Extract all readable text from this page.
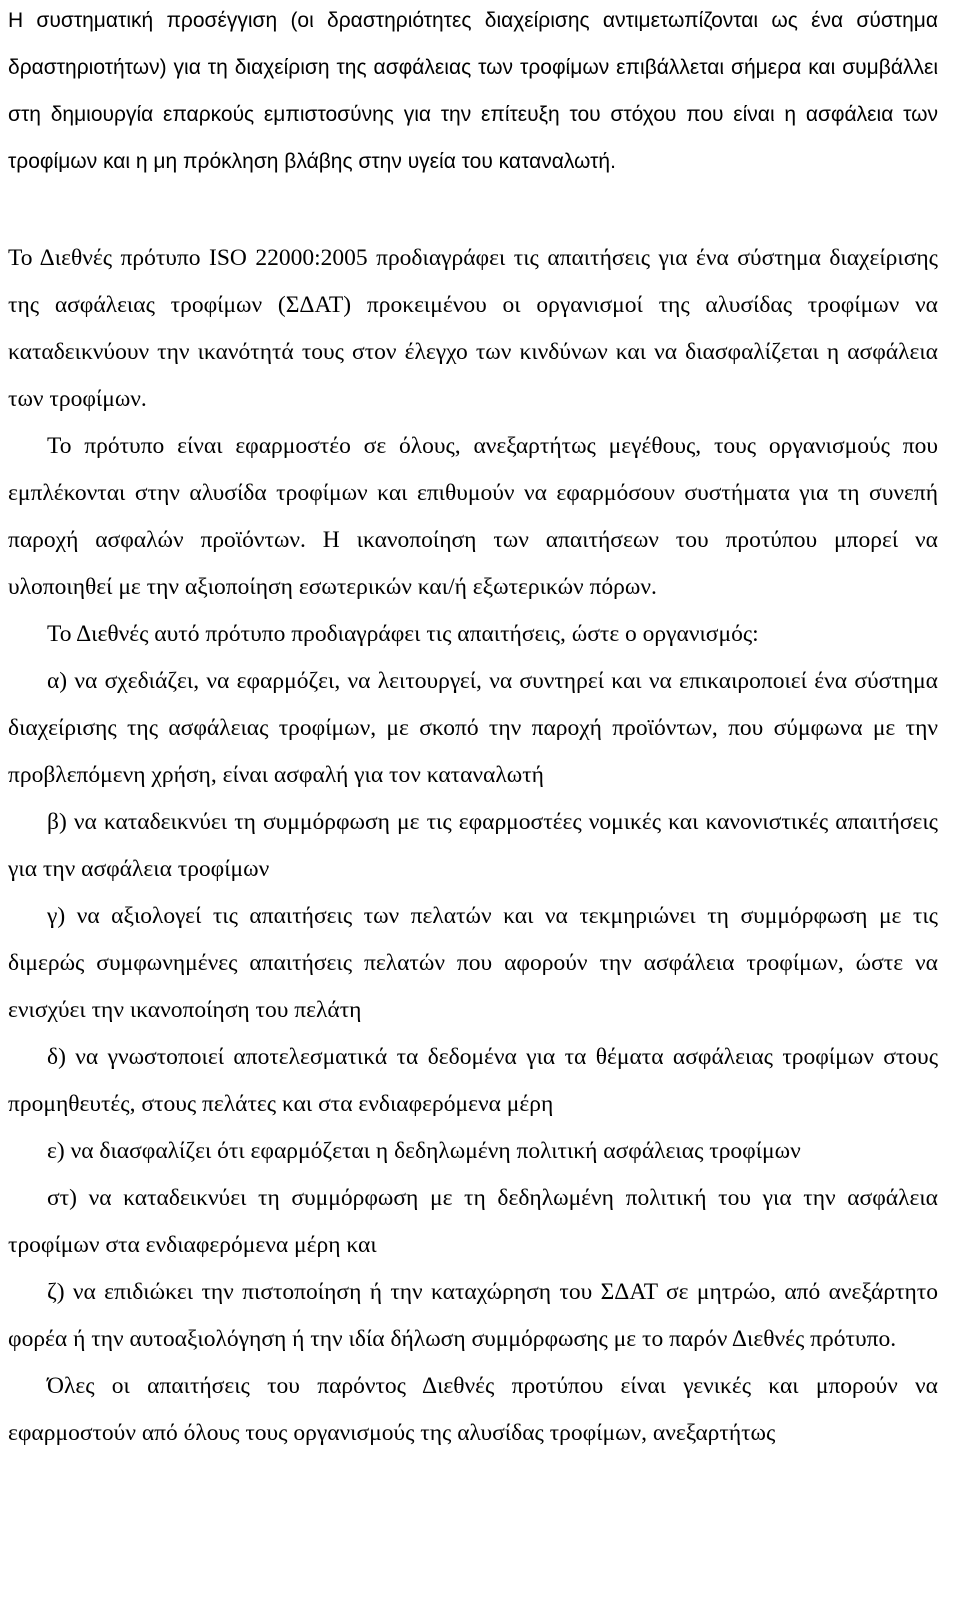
Η συστηματική προσέγγιση (οι δραστηριότητες διαχείρισης αντιμετωπίζονται ως ένα σύστημα δραστηριοτήτων) για τη διαχείριση της ασφάλειας των τροφίμων επιβάλλεται σήμερα και συμβάλλει στη δημιουργία επαρκούς εμπιστοσύνης για την επίτευξη του στόχου που είναι η ασφάλεια των τροφίμων και η μη πρόκληση βλάβης στην υγεία του καταναλωτή.

Το Διεθνές πρότυπο ISO 22000:2005 προδιαγράφει τις απαιτήσεις για ένα σύστημα διαχείρισης της ασφάλειας τροφίμων (ΣΔΑΤ) προκειμένου οι οργανισμοί της αλυσίδας τροφίμων να καταδεικνύουν την ικανότητά τους στον έλεγχο των κινδύνων και να διασφαλίζεται η ασφάλεια των τροφίμων.

Το πρότυπο είναι εφαρμοστέο σε όλους, ανεξαρτήτως μεγέθους, τους οργανισμούς που εμπλέκονται στην αλυσίδα τροφίμων και επιθυμούν να εφαρμόσουν συστήματα για τη συνεπή παροχή ασφαλών προϊόντων. Η ικανοποίηση των απαιτήσεων του προτύπου μπορεί να υλοποιηθεί με την αξιοποίηση εσωτερικών και/ή εξωτερικών πόρων.

Το Διεθνές αυτό πρότυπο προδιαγράφει τις απαιτήσεις, ώστε ο οργανισμός:

α) να σχεδιάζει, να εφαρμόζει, να λειτουργεί, να συντηρεί και να επικαιροποιεί ένα σύστημα διαχείρισης της ασφάλειας τροφίμων, με σκοπό την παροχή προϊόντων, που σύμφωνα με την προβλεπόμενη χρήση, είναι ασφαλή για τον καταναλωτή

β) να καταδεικνύει τη συμμόρφωση με τις εφαρμοστέες νομικές και κανονιστικές απαιτήσεις για την ασφάλεια τροφίμων

γ) να αξιολογεί τις απαιτήσεις των πελατών και να τεκμηριώνει τη συμμόρφωση με τις διμερώς συμφωνημένες απαιτήσεις πελατών που αφορούν την ασφάλεια τροφίμων, ώστε να ενισχύει την ικανοποίηση του πελάτη

δ) να γνωστοποιεί αποτελεσματικά τα δεδομένα για τα θέματα ασφάλειας τροφίμων στους προμηθευτές, στους πελάτες και στα ενδιαφερόμενα μέρη

ε) να διασφαλίζει ότι εφαρμόζεται η δεδηλωμένη πολιτική ασφάλειας τροφίμων

στ) να καταδεικνύει τη συμμόρφωση με τη δεδηλωμένη πολιτική του για την ασφάλεια τροφίμων στα ενδιαφερόμενα μέρη και

ζ) να επιδιώκει την πιστοποίηση ή την καταχώρηση του ΣΔΑΤ σε μητρώο, από ανεξάρτητο φορέα ή την αυτοαξιολόγηση ή την ιδία δήλωση συμμόρφωσης με το παρόν Διεθνές πρότυπο.

Όλες οι απαιτήσεις του παρόντος Διεθνές προτύπου είναι γενικές και μπορούν να εφαρμοστούν από όλους τους οργανισμούς της αλυσίδας τροφίμων, ανεξαρτήτως
